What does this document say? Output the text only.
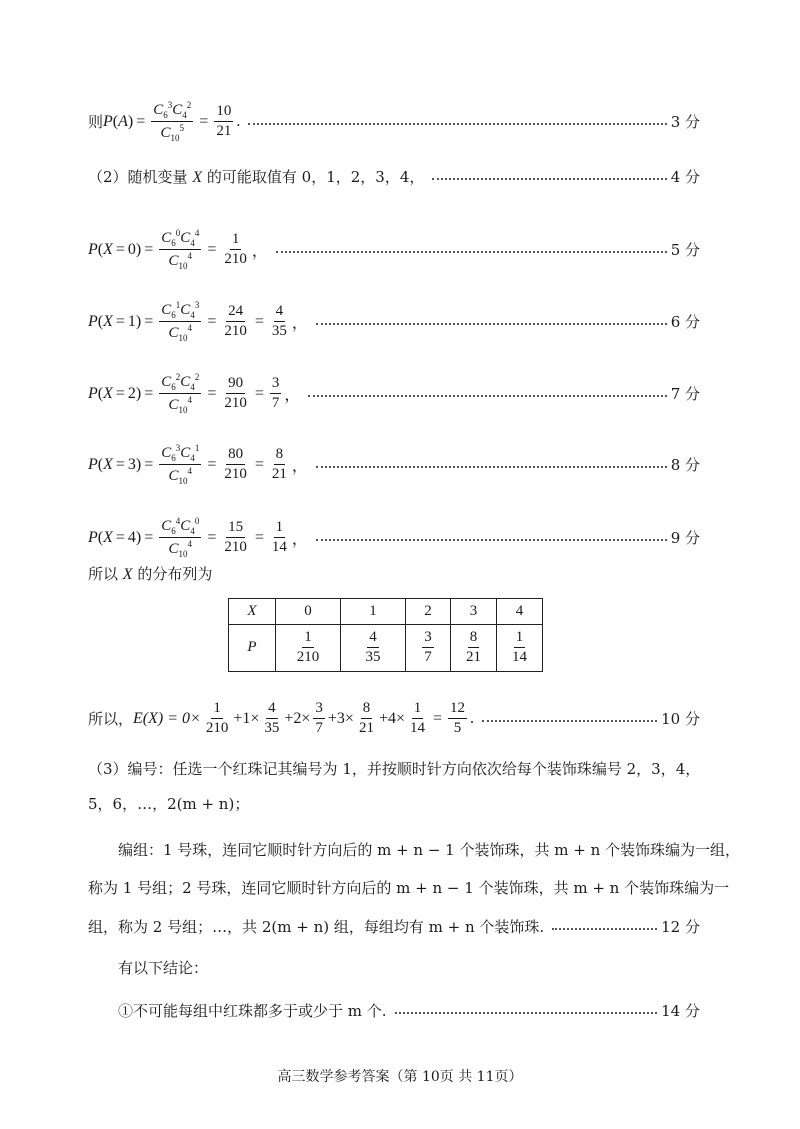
则 P ( A ) = $\frac{C_6^3C_4^2}{C_{10}^5} = \frac{10}{21}$ .	3 分
（2）随机变量 X 的可能取值有 0，1，2，3，4，	4 分
P ( X = 0 ) = $\frac{C_6^0C_4^4}{C_{10}^4} = \frac{1}{210}$ ，	5 分
P ( X = 1 ) = $\frac{C_6^1C_4^3}{C_{10}^4} = \frac{24}{210} = \frac{4}{35}$ ，	6 分
P ( X = 2 ) = $\frac{C_6^2C_4^2}{C_{10}^4} = \frac{90}{210} = \frac{3}{7}$ ，	7 分
P ( X = 3 ) = $\frac{C_6^3C_4^1}{C_{10}^4} = \frac{80}{210} = \frac{8}{21}$ ，	8 分
P ( X = 4 ) = $\frac{C_6^4C_4^0}{C_{10}^4} = \frac{15}{210} = \frac{1}{14}$ ，	9 分
所以 X 的分布列为
X	0	1	2	3	4
P	$\frac{1}{210}$	$\frac{4}{35}$	$\frac{3}{7}$	$\frac{8}{21}$	$\frac{1}{14}$
所以， $E(X) = 0\times \frac{1}{210} +1\times \frac{4}{35} +2\times \frac{3}{7} +3\times \frac{8}{21} +4\times \frac{1}{14} = \frac{12}{5}$ .	10 分
（3）编号：任选一个红珠记其编号为 1，并按顺时针方向依次给每个装饰珠编号 2，3，4，
5，6，…，2(m + n)；
编组：1 号珠，连同它顺时针方向后的 m + n − 1 个装饰珠，共 m + n 个装饰珠编为一组，
称为 1 号组；2 号珠，连同它顺时针方向后的 m + n − 1 个装饰珠，共 m + n 个装饰珠编为一
组，称为 2 号组；…，共 2(m + n) 组，每组均有 m + n 个装饰珠.	12 分
有以下结论：
①不可能每组中红珠都多于或少于 m 个.	14 分
高三数学参考答案（第 10页 共 11页）
